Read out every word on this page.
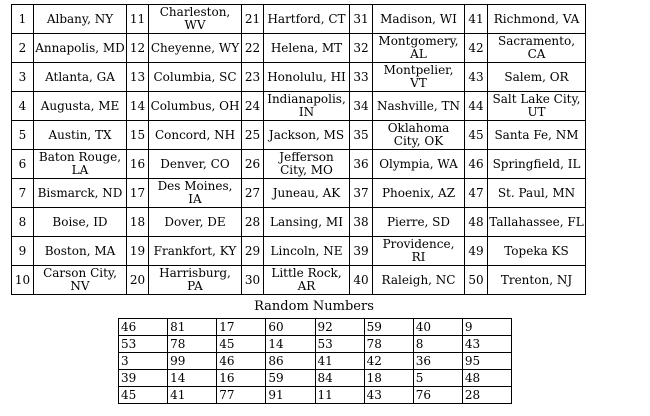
1	Albany, NY	11	Charleston, WV	21	Hartford, CT	31	Madison, WI	41	Richmond, VA
2	Annapolis, MD	12	Cheyenne, WY	22	Helena, MT	32	Montgomery, AL	42	Sacramento, CA
3	Atlanta, GA	13	Columbia, SC	23	Honolulu, HI	33	Montpelier, VT	43	Salem, OR
4	Augusta, ME	14	Columbus, OH	24	Indianapolis, IN	34	Nashville, TN	44	Salt Lake City, UT
5	Austin, TX	15	Concord, NH	25	Jackson, MS	35	Oklahoma City, OK	45	Santa Fe, NM
6	Baton Rouge, LA	16	Denver, CO	26	Jefferson City, MO	36	Olympia, WA	46	Springfield, IL
7	Bismarck, ND	17	Des Moines, IA	27	Juneau, AK	37	Phoenix, AZ	47	St. Paul, MN
8	Boise, ID	18	Dover, DE	28	Lansing, MI	38	Pierre, SD	48	Tallahassee, FL
9	Boston, MA	19	Frankfort, KY	29	Lincoln, NE	39	Providence, RI	49	Topeka KS
10	Carson City, NV	20	Harrisburg, PA	30	Little Rock, AR	40	Raleigh, NC	50	Trenton, NJ
Random Numbers
46	81	17	60	92	59	40	9
53	78	45	14	53	78	8	43
3	99	46	86	41	42	36	95
39	14	16	59	84	18	5	48
45	41	77	91	11	43	76	28
